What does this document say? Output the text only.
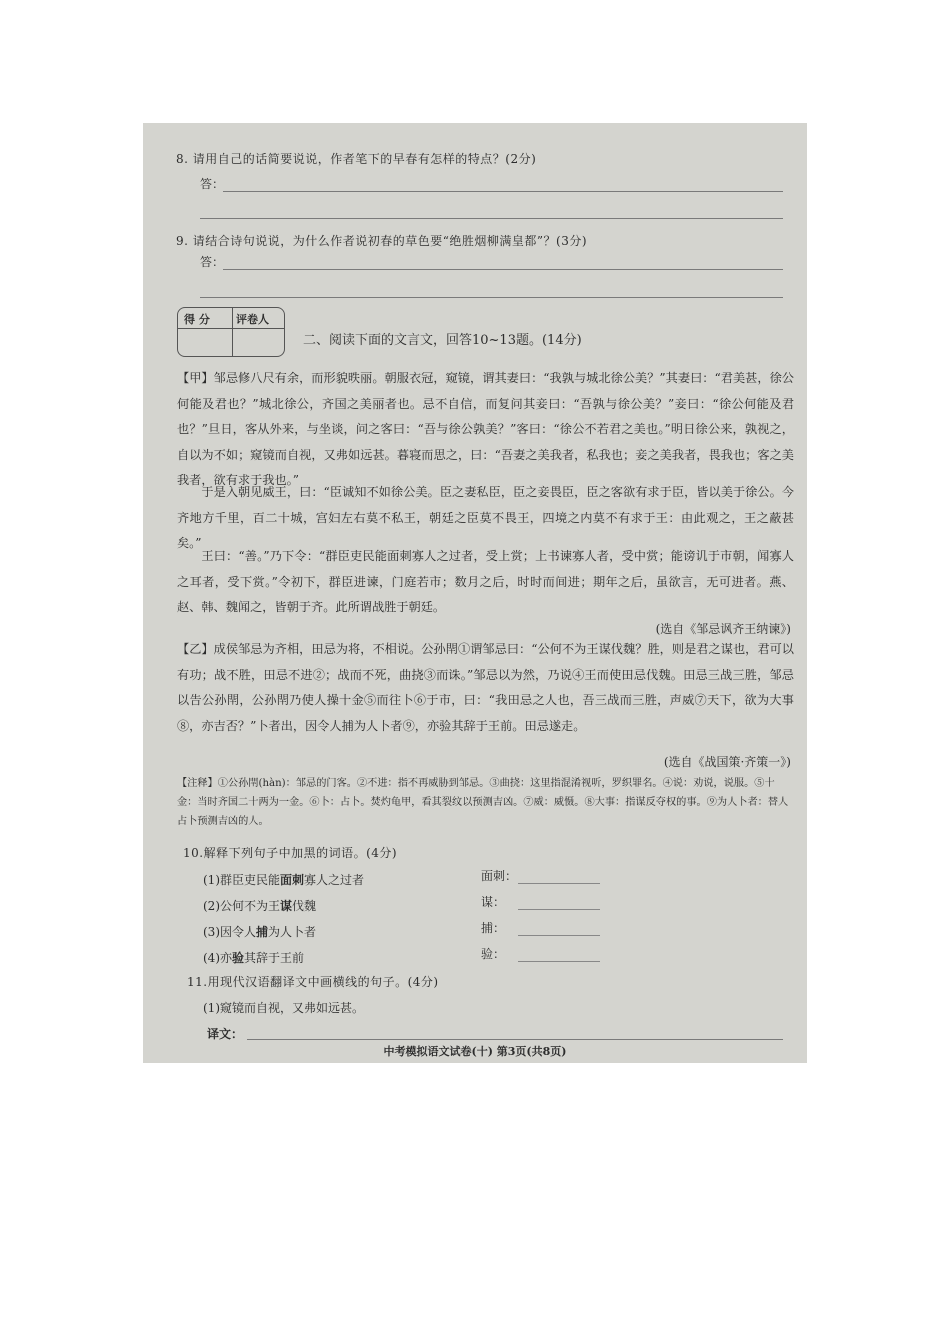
8. 请用自己的话简要说说，作者笔下的早春有怎样的特点？(2分)
答：
9. 请结合诗句说说，为什么作者说初春的草色要“绝胜烟柳满皇都”？(3分)
答：
得 分 评卷人
二、阅读下面的文言文，回答10~13题。(14分)
【甲】邹忌修八尺有余，而形貌昳丽。朝服衣冠，窥镜，谓其妻曰：“我孰与城北徐公美？”其妻曰：“君美甚，徐公何能及君也？”城北徐公，齐国之美丽者也。忌不自信，而复问其妾曰：“吾孰与徐公美？”妾曰：“徐公何能及君也？”旦日，客从外来，与坐谈，问之客曰：“吾与徐公孰美？”客曰：“徐公不若君之美也。”明日徐公来，孰视之，自以为不如；窥镜而自视，又弗如远甚。暮寝而思之，曰：“吾妻之美我者，私我也；妾之美我者，畏我也；客之美我者，欲有求于我也。”
于是入朝见威王，曰：“臣诚知不如徐公美。臣之妻私臣，臣之妾畏臣，臣之客欲有求于臣，皆以美于徐公。今齐地方千里，百二十城，宫妇左右莫不私王，朝廷之臣莫不畏王，四境之内莫不有求于王：由此观之，王之蔽甚矣。”
王曰：“善。”乃下令：“群臣吏民能面刺寡人之过者，受上赏；上书谏寡人者，受中赏；能谤讥于市朝，闻寡人之耳者，受下赏。”令初下，群臣进谏，门庭若市；数月之后，时时而间进；期年之后，虽欲言，无可进者。燕、赵、韩、魏闻之，皆朝于齐。此所谓战胜于朝廷。
(选自《邹忌讽齐王纳谏》)
【乙】成侯邹忌为齐相，田忌为将，不相说。公孙閈①谓邹忌曰：“公何不为王谋伐魏？胜，则是君之谋也，君可以有功；战不胜，田忌不进②；战而不死，曲挠③而诛。”邹忌以为然，乃说④王而使田忌伐魏。田忌三战三胜，邹忌以告公孙閈，公孙閈乃使人操十金⑤而往卜⑥于市，曰：“我田忌之人也，吾三战而三胜，声威⑦天下，欲为大事⑧，亦吉否？”卜者出，因令人捕为人卜者⑨，亦验其辞于王前。田忌遂走。
(选自《战国策·齐策一》)
【注释】①公孙閈(hàn)：邹忌的门客。②不进：指不再威胁到邹忌。③曲挠：这里指混淆视听，罗织罪名。④说：劝说，说服。⑤十金：当时齐国二十两为一金。⑥卜：占卜。焚灼龟甲，看其裂纹以预测吉凶。⑦威：威慑。⑧大事：指谋反夺权的事。⑨为人卜者：替人占卜预测吉凶的人。
10.解释下列句子中加黑的词语。(4分)
(1)群臣吏民能面刺寡人之过者	面刺：
(2)公何不为王谋伐魏	谋：
(3)因令人捕为人卜者	捕：
(4)亦验其辞于王前	验：
11.用现代汉语翻译文中画横线的句子。(4分)
(1)窥镜而自视，又弗如远甚。
译文：
中考模拟语文试卷(十) 第3页(共8页)
